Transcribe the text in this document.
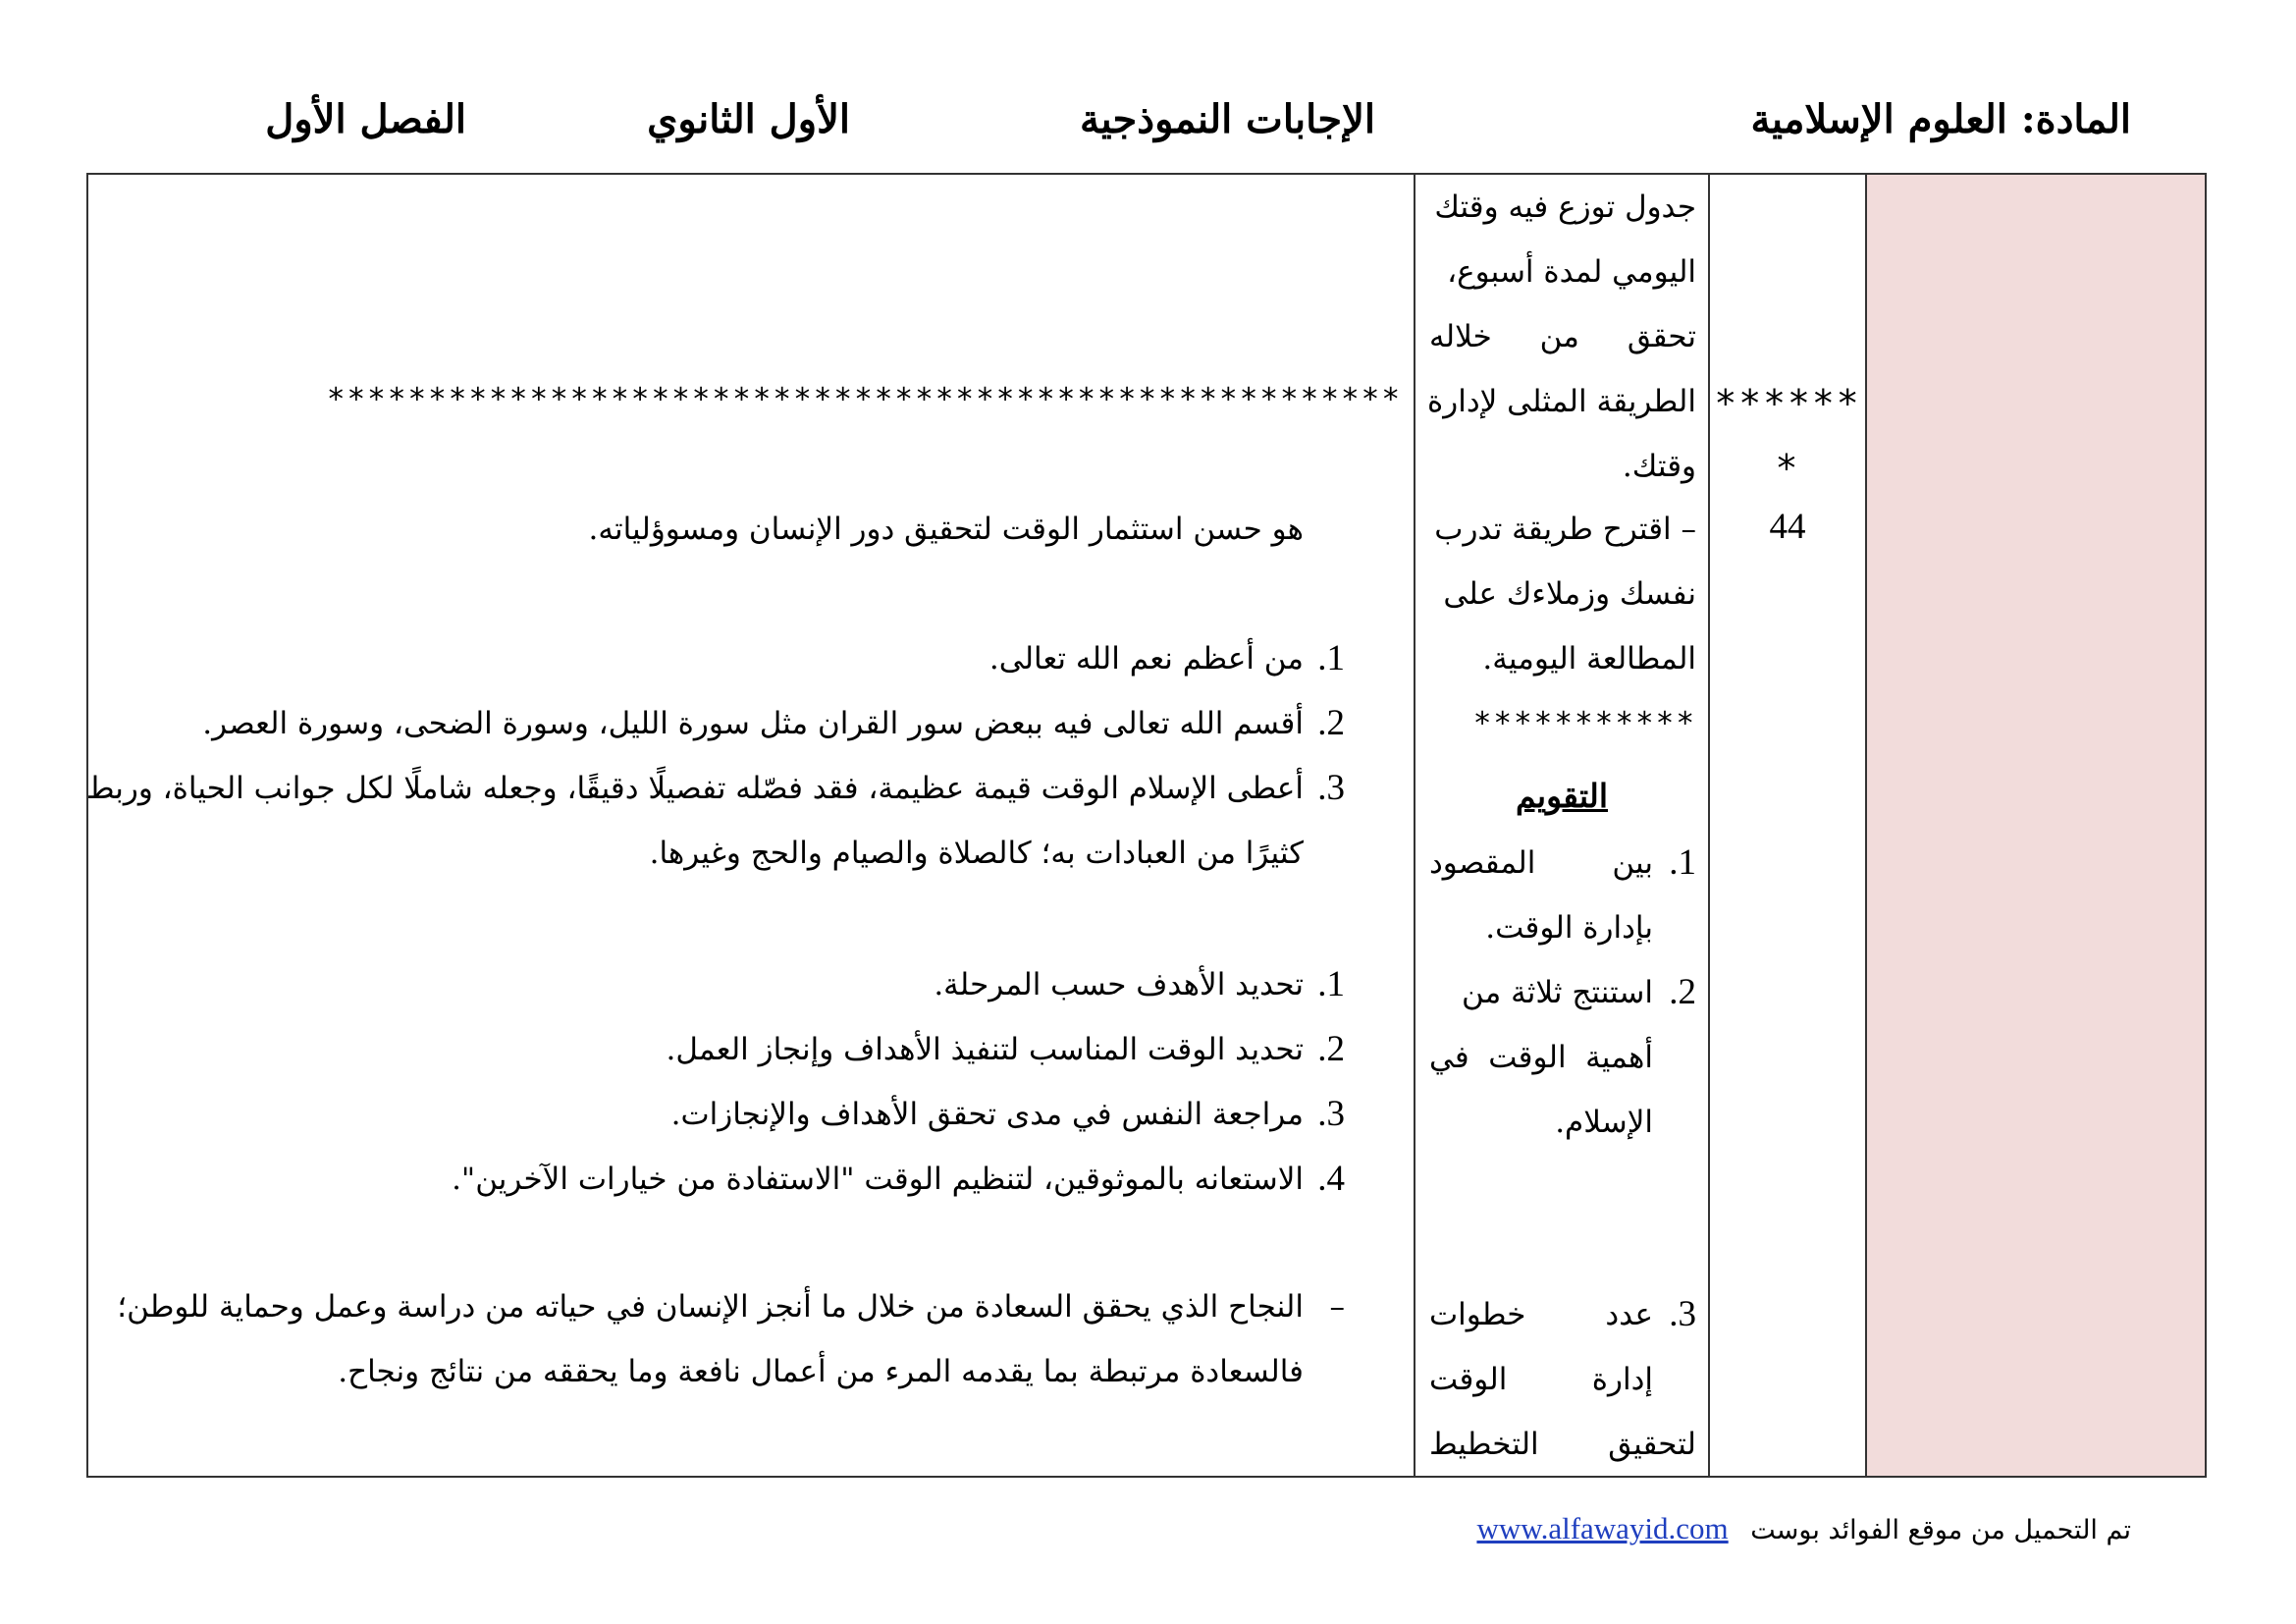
المادة: العلوم الإسلامية
الإجابات النموذجية
الأول الثانوي
الفصل الأول
******
*
44
جدول توزع فيه وقتك
اليومي لمدة أسبوع،
تحقق من خلاله
الطريقة المثلى لإدارة
وقتك.
– اقترح طريقة تدرب
نفسك وزملاءك على
المطالعة اليومية.
***********
التقويم
1.
بين المقصود
بإدارة الوقت.
2.
استنتج ثلاثة من
أهمية الوقت في
الإسلام.
3.
عدد خطوات
إدارة الوقت
لتحقيق التخطيط
*****************************************************
هو حسن استثمار الوقت لتحقيق دور الإنسان ومسوؤلياته.
1.
من أعظم نعم الله تعالى.
2.
أقسم الله تعالى فيه ببعض سور القران مثل سورة الليل، وسورة الضحى، وسورة العصر.
3.
أعطى الإسلام الوقت قيمة عظيمة، فقد فصّله تفصيلًا دقيقًا، وجعله شاملًا لكل جوانب الحياة، وربط
كثيرًا من العبادات به؛ كالصلاة والصيام والحج وغيرها.
1.
تحديد الأهدف حسب المرحلة.
2.
تحديد الوقت المناسب لتنفيذ الأهداف وإنجاز العمل.
3.
مراجعة النفس في مدى تحقق الأهداف والإنجازات.
4.
الاستعانه بالموثوقين، لتنظيم الوقت "الاستفادة من خيارات الآخرين".
–
النجاح الذي يحقق السعادة من خلال ما أنجز الإنسان في حياته من دراسة وعمل وحماية للوطن؛
فالسعادة مرتبطة بما يقدمه المرء من أعمال نافعة وما يحققه من نتائج ونجاح.
تم التحميل من موقع الفوائد بوست www.alfawayid.com
